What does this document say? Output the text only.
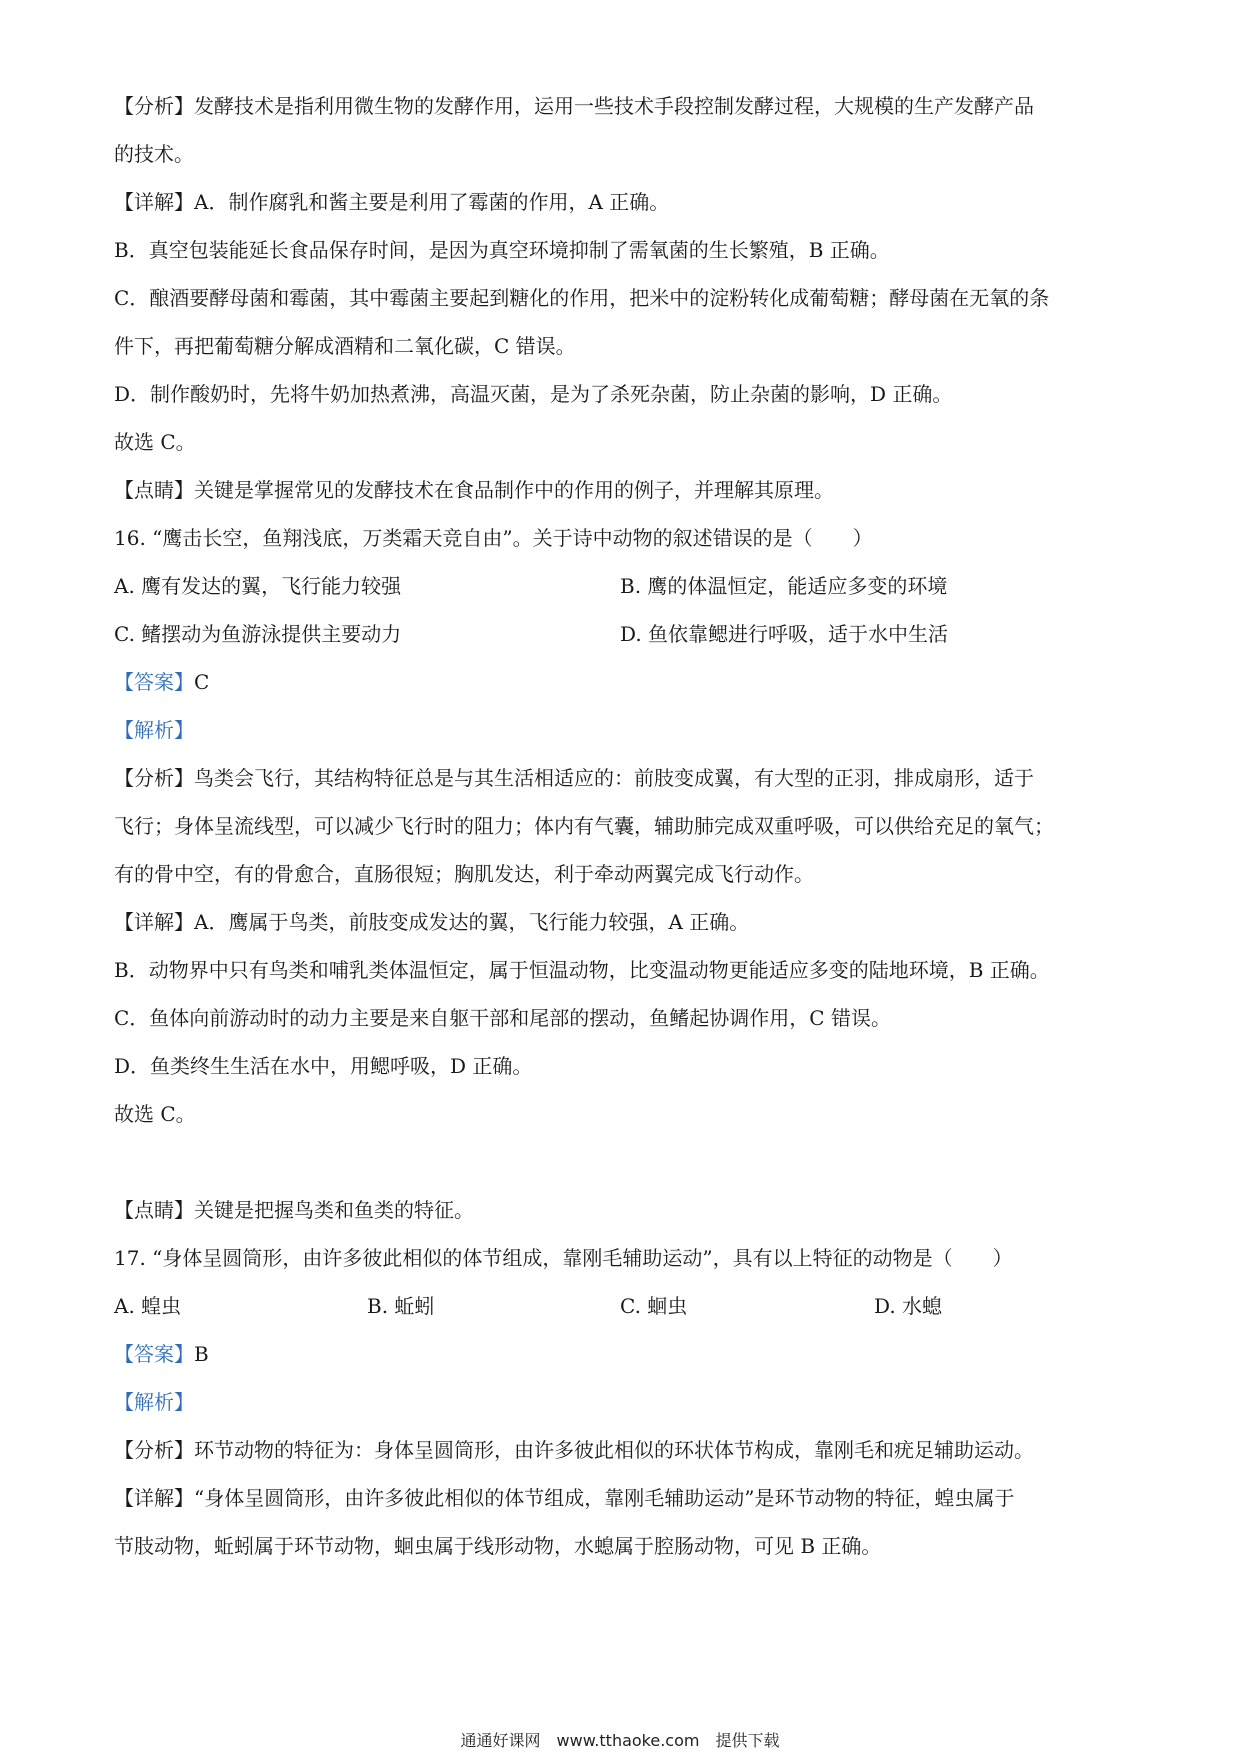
【分析】发酵技术是指利用微生物的发酵作用，运用一些技术手段控制发酵过程，大规模的生产发酵产品
的技术。
【详解】A．制作腐乳和酱主要是利用了霉菌的作用，A 正确。
B．真空包装能延长食品保存时间，是因为真空环境抑制了需氧菌的生长繁殖，B 正确。
C．酿酒要酵母菌和霉菌，其中霉菌主要起到糖化的作用，把米中的淀粉转化成葡萄糖；酵母菌在无氧的条
件下，再把葡萄糖分解成酒精和二氧化碳，C 错误。
D．制作酸奶时，先将牛奶加热煮沸，高温灭菌，是为了杀死杂菌，防止杂菌的影响，D 正确。
故选 C。
【点睛】关键是掌握常见的发酵技术在食品制作中的作用的例子，并理解其原理。
16. “鹰击长空，鱼翔浅底，万类霜天竞自由”。关于诗中动物的叙述错误的是（　　）
A. 鹰有发达的翼，飞行能力较强	B. 鹰的体温恒定，能适应多变的环境
C. 鳍摆动为鱼游泳提供主要动力	D. 鱼依靠鳃进行呼吸，适于水中生活
【答案】C
【解析】
【分析】鸟类会飞行，其结构特征总是与其生活相适应的：前肢变成翼，有大型的正羽，排成扇形，适于
飞行；身体呈流线型，可以减少飞行时的阻力；体内有气囊，辅助肺完成双重呼吸，可以供给充足的氧气；
有的骨中空，有的骨愈合，直肠很短；胸肌发达，利于牵动两翼完成飞行动作。
【详解】A．鹰属于鸟类，前肢变成发达的翼，飞行能力较强，A 正确。
B．动物界中只有鸟类和哺乳类体温恒定，属于恒温动物，比变温动物更能适应多变的陆地环境，B 正确。
C．鱼体向前游动时的动力主要是来自躯干部和尾部的摆动，鱼鳍起协调作用，C 错误。
D．鱼类终生生活在水中，用鳃呼吸，D 正确。
故选 C。
【点睛】关键是把握鸟类和鱼类的特征。
17. “身体呈圆筒形，由许多彼此相似的体节组成，靠刚毛辅助运动”，具有以上特征的动物是（　　）
A. 蝗虫	B. 蚯蚓	C. 蛔虫	D. 水螅
【答案】B
【解析】
【分析】环节动物的特征为：身体呈圆筒形，由许多彼此相似的环状体节构成，靠刚毛和疣足辅助运动。
【详解】“身体呈圆筒形，由许多彼此相似的体节组成，靠刚毛辅助运动”是环节动物的特征，蝗虫属于
节肢动物，蚯蚓属于环节动物，蛔虫属于线形动物，水螅属于腔肠动物，可见 B 正确。
通通好课网　www.tthaoke.com　提供下载
